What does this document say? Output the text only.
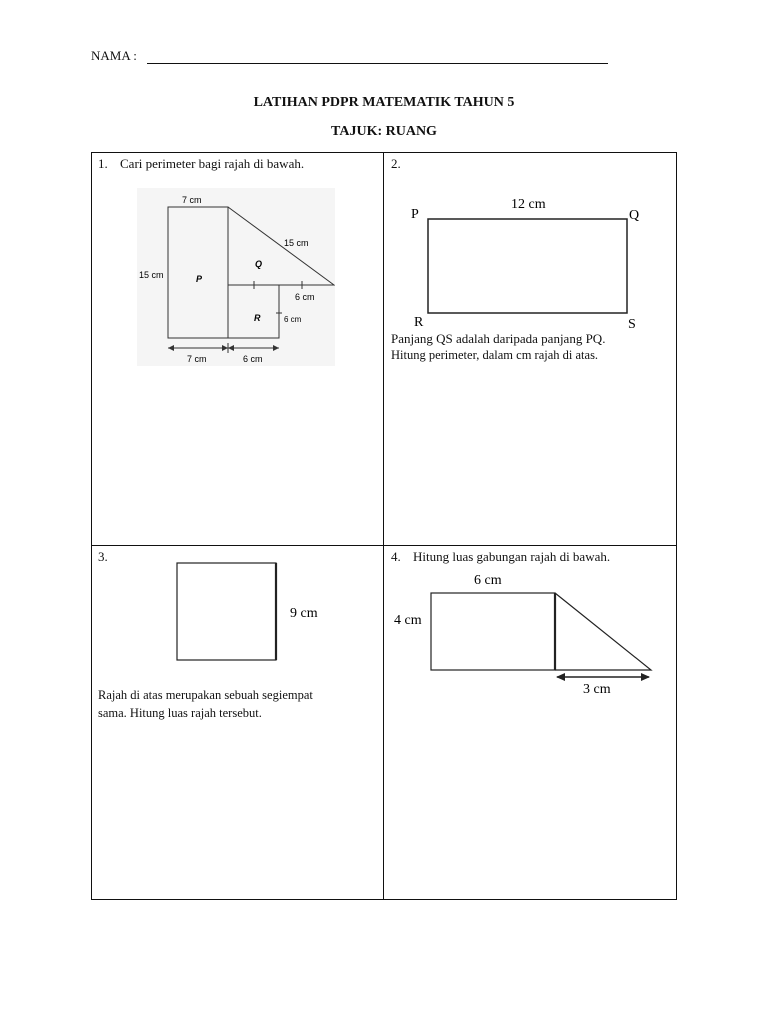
NAMA :
LATIHAN PDPR MATEMATIK TAHUN 5
TAJUK: RUANG
1. Cari perimeter bagi rajah di bawah.
7 cm
15 cm
15 cm
6 cm
6 cm
7 cm	6 cm
P
Q
R
2.
12 cm
P	Q
R	S
Panjang QS adalah daripada panjang PQ.
Hitung perimeter, dalam cm rajah di atas.
3.
9 cm
Rajah di atas merupakan sebuah segiempat
sama. Hitung luas rajah tersebut.
4. Hitung luas gabungan rajah di bawah.
6 cm
4 cm
3 cm
